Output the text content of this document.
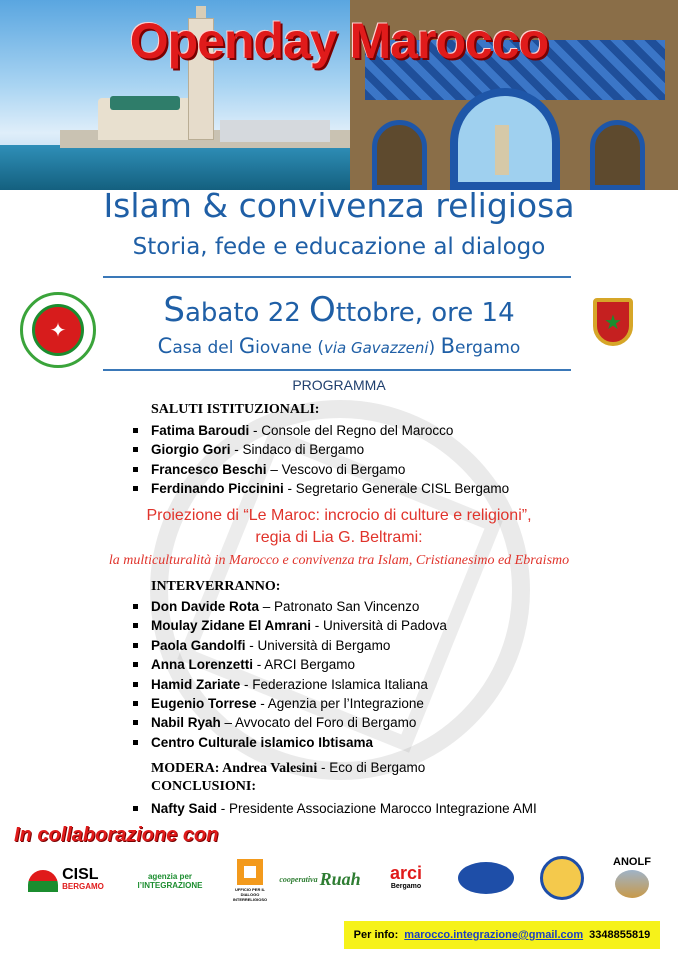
Openday Marocco
Islam & convivenza religiosa
Storia, fede e educazione al dialogo
✦	★
Sabato 22 Ottobre, ore 14
Casa del Giovane (via Gavazzeni) Bergamo
PROGRAMMA
SALUTI ISTITUZIONALI:
Fatima Baroudi - Console del Regno del Marocco
Giorgio Gori - Sindaco di Bergamo
Francesco Beschi – Vescovo di Bergamo
Ferdinando Piccinini - Segretario Generale CISL Bergamo
Proiezione di “Le Maroc: incrocio di culture e religioni”,
regia di Lia G. Beltrami:
la multiculturalità in Marocco e convivenza tra Islam, Cristianesimo ed Ebraismo
INTERVERRANNO:
Don Davide Rota – Patronato San Vincenzo
Moulay Zidane El Amrani - Università di Padova
Paola Gandolfi - Università di Bergamo
Anna Lorenzetti - ARCI Bergamo
Hamid Zariate - Federazione Islamica Italiana
Eugenio Torrese - Agenzia per l’Integrazione
Nabil Ryah – Avvocato del Foro di Bergamo
Centro Culturale islamico Ibtisama
MODERA: Andrea Valesini - Eco di Bergamo
CONCLUSIONI:
Nafty Said - Presidente Associazione Marocco Integrazione AMI
In collaborazione con
CISL
BERGAMO
agenzia per l’INTEGRAZIONE	UFFICIO PER IL DIALOGO INTERRELIGIOSO
cooperativa Ruah arci
Bergamo
ANOLF
Per info: marocco.integrazione@gmail.com 3348855819
